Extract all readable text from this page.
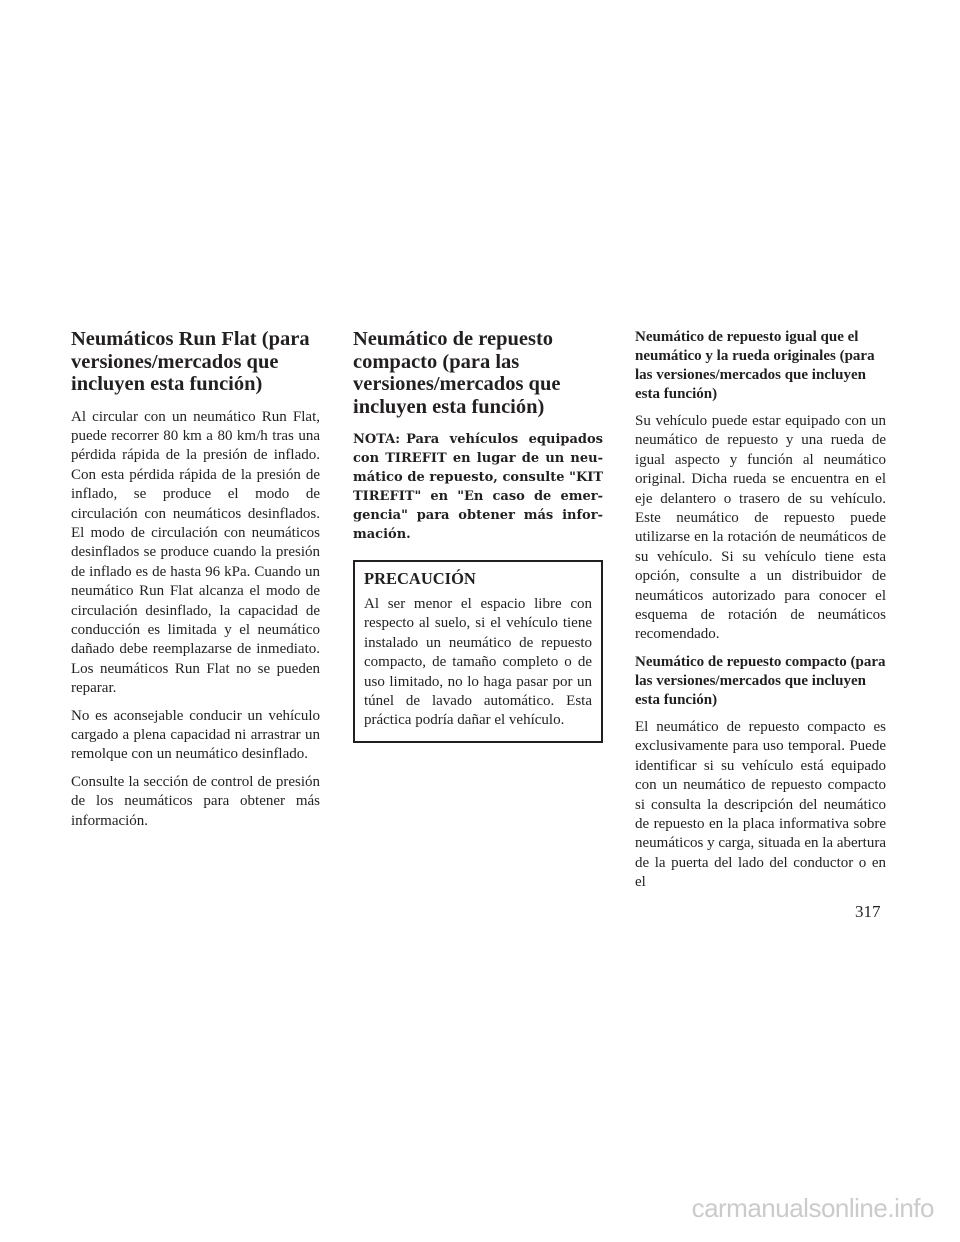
Neumáticos Run Flat (para versiones/mercados que incluyen esta función)

Al circular con un neumático Run Flat, puede recorrer 80 km a 80 km/h tras una pérdida rápida de la presión de inflado. Con esta pérdida rápida de la presión de inflado, se produce el modo de circulación con neumáticos desinflados. El modo de circulación con neumáticos desinflados se produce cuando la presión de inflado es de hasta 96 kPa. Cuando un neumático Run Flat alcanza el modo de circulación desinflado, la capacidad de conducción es limitada y el neumático dañado debe reemplazarse de inmediato. Los neumáticos Run Flat no se pueden reparar.

No es aconsejable conducir un vehículo cargado a plena capacidad ni arrastrar un remolque con un neumático desinflado.

Consulte la sección de control de presión de los neumáticos para obtener más información.

Neumático de repuesto compacto (para las versiones/mercados que incluyen esta función)

NOTA: Para vehículos equipados con TIREFIT en lugar de un neumático de repuesto, consulte "KIT TIREFIT" en "En caso de emergencia" para obtener más información.

PRECAUCIÓN

Al ser menor el espacio libre con respecto al suelo, si el vehículo tiene instalado un neumático de repuesto compacto, de tamaño completo o de uso limitado, no lo haga pasar por un túnel de lavado automático. Esta práctica podría dañar el vehículo.

Neumático de repuesto igual que el neumático y la rueda originales (para las versiones/mercados que incluyen esta función)

Su vehículo puede estar equipado con un neumático de repuesto y una rueda de igual aspecto y función al neumático original. Dicha rueda se encuentra en el eje delantero o trasero de su vehículo. Este neumático de repuesto puede utilizarse en la rotación de neumáticos de su vehículo. Si su vehículo tiene esta opción, consulte a un distribuidor de neumáticos autorizado para conocer el esquema de rotación de neumáticos recomendado.

Neumático de repuesto compacto (para las versiones/mercados que incluyen esta función)

El neumático de repuesto compacto es exclusivamente para uso temporal. Puede identificar si su vehículo está equipado con un neumático de repuesto compacto si consulta la descripción del neumático de repuesto en la placa informativa sobre neumáticos y carga, situada en la abertura de la puerta del lado del conductor o en el

317
carmanualsonline.info
